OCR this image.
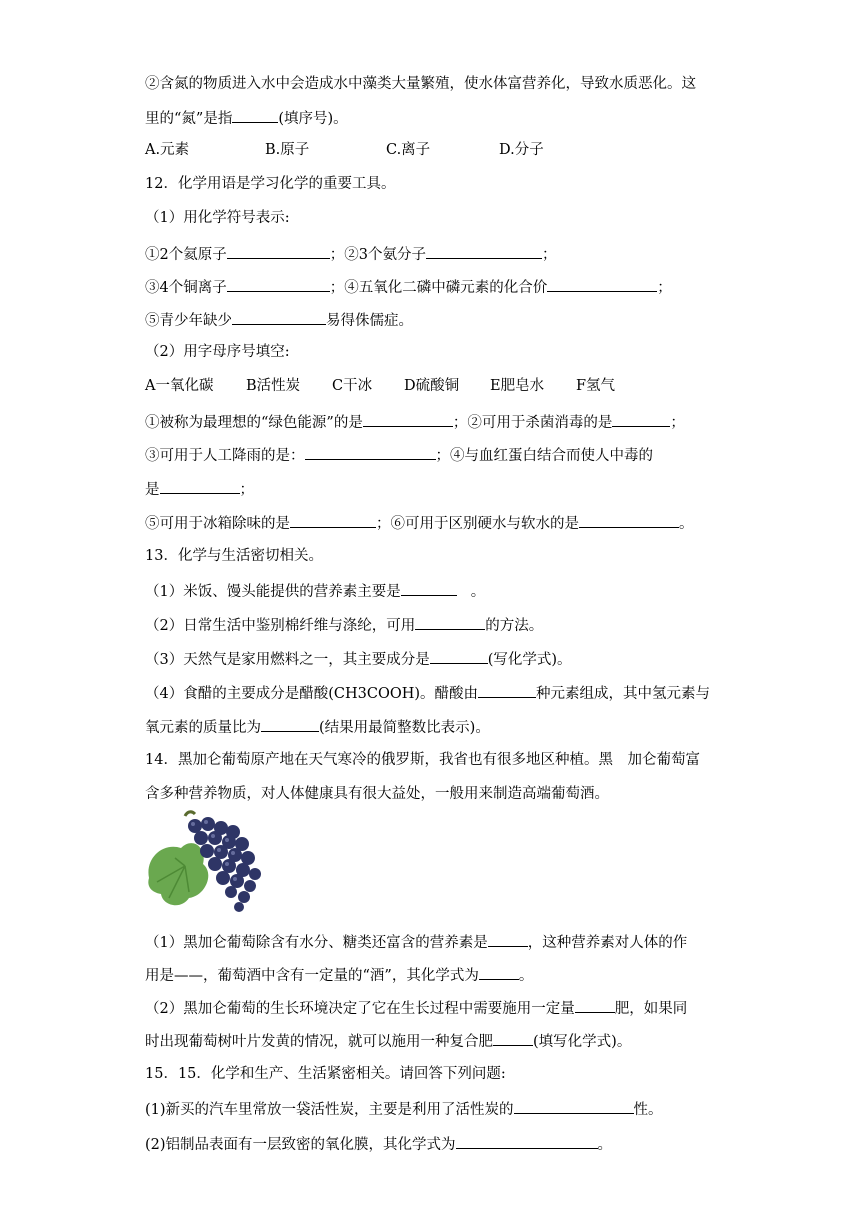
②含氮的物质进入水中会造成水中藻类大量繁殖，使水体富营养化，导致水质恶化。这
里的“氮”是指	(填序号)。
A.元素	B.原子	C.离子	D.分子
12．化学用语是学习化学的重要工具。
（1）用化学符号表示:
①2个氦原子	；②3个氨分子	；
③4个铜离子	；④五氧化二磷中磷元素的化合价	；
⑤青少年缺少	易得侏儒症。
（2）用字母序号填空:
A一氧化碳 B活性炭 C干冰 D硫酸铜 E肥皂水 F氢气
①被称为最理想的“绿色能源”的是	；②可用于杀菌消毒的是	；
③可用于人工降雨的是：	；④与血红蛋白结合而使人中毒的
是	；
⑤可用于冰箱除味的是	；⑥可用于区别硬水与软水的是	。
13．化学与生活密切相关。
（1）米饭、馒头能提供的营养素主要是	。
（2）日常生活中鉴别棉纤维与涤纶，可用	的方法。
（3）天然气是家用燃料之一，其主要成分是	(写化学式)。
（4）食醋的主要成分是醋酸(CH3COOH)。醋酸由	种元素组成，其中氢元素与
氧元素的质量比为	(结果用最简整数比表示)。
14．黑加仑葡萄原产地在天气寒冷的俄罗斯，我省也有很多地区种植。黑　加仑葡萄富
含多种营养物质，对人体健康具有很大益处，一般用来制造高端葡萄酒。
（1）黑加仑葡萄除含有水分、糖类还富含的营养素是	，这种营养素对人体的作
用是——，葡萄酒中含有一定量的“酒”，其化学式为	。
（2）黑加仑葡萄的生长环境决定了它在生长过程中需要施用一定量	肥，如果同
时出现葡萄树叶片发黄的情况，就可以施用一种复合肥	(填写化学式)。
15．15．化学和生产、生活紧密相关。请回答下列问题:
(1)新买的汽车里常放一袋活性炭，主要是利用了活性炭的	性。
(2)铝制品表面有一层致密的氧化膜，其化学式为	。
